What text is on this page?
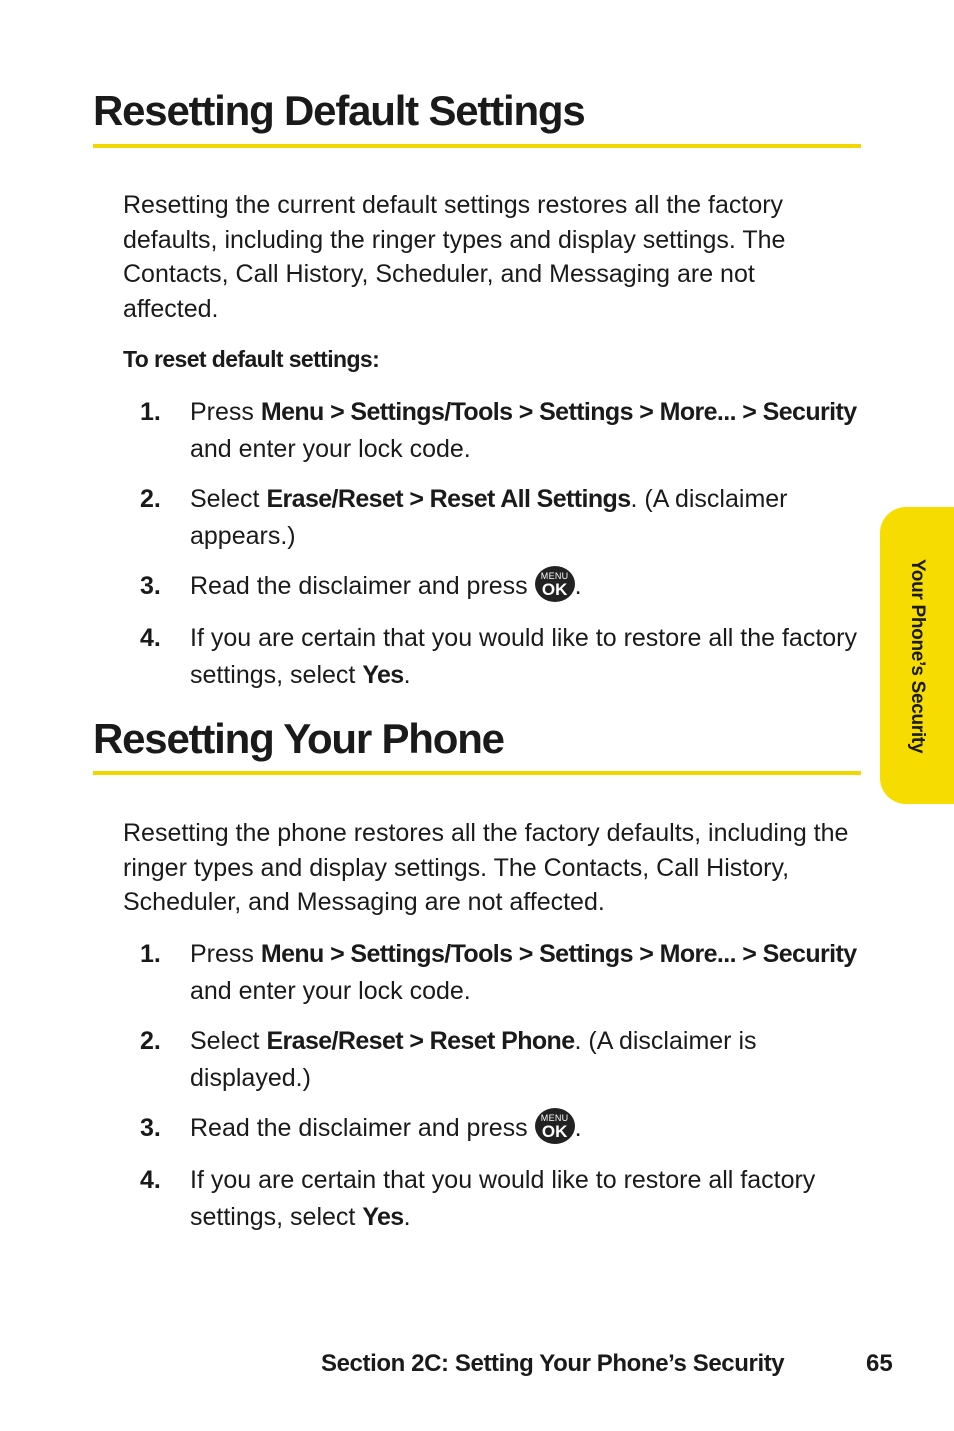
Resetting Default Settings

Resetting the current default settings restores all the factory defaults, including the ringer types and display settings. The Contacts, Call History, Scheduler, and Messaging are not affected.

To reset default settings:

1. Press Menu > Settings/Tools > Settings > More... > Security and enter your lock code.
2. Select Erase/Reset > Reset All Settings. (A disclaimer appears.)
3. Read the disclaimer and press MENU
OK .
4. If you are certain that you would like to restore all the factory settings, select Yes.
Resetting Your Phone

Resetting the phone restores all the factory defaults, including the ringer types and display settings. The Contacts, Call History, Scheduler, and Messaging are not affected.

1. Press Menu > Settings/Tools > Settings > More... > Security and enter your lock code.
2. Select Erase/Reset > Reset Phone. (A disclaimer is displayed.)
3. Read the disclaimer and press MENU
OK .
4. If you are certain that you would like to restore all factory settings, select Yes.
Your Phone’s Security
Section 2C: Setting Your Phone’s Security	65
